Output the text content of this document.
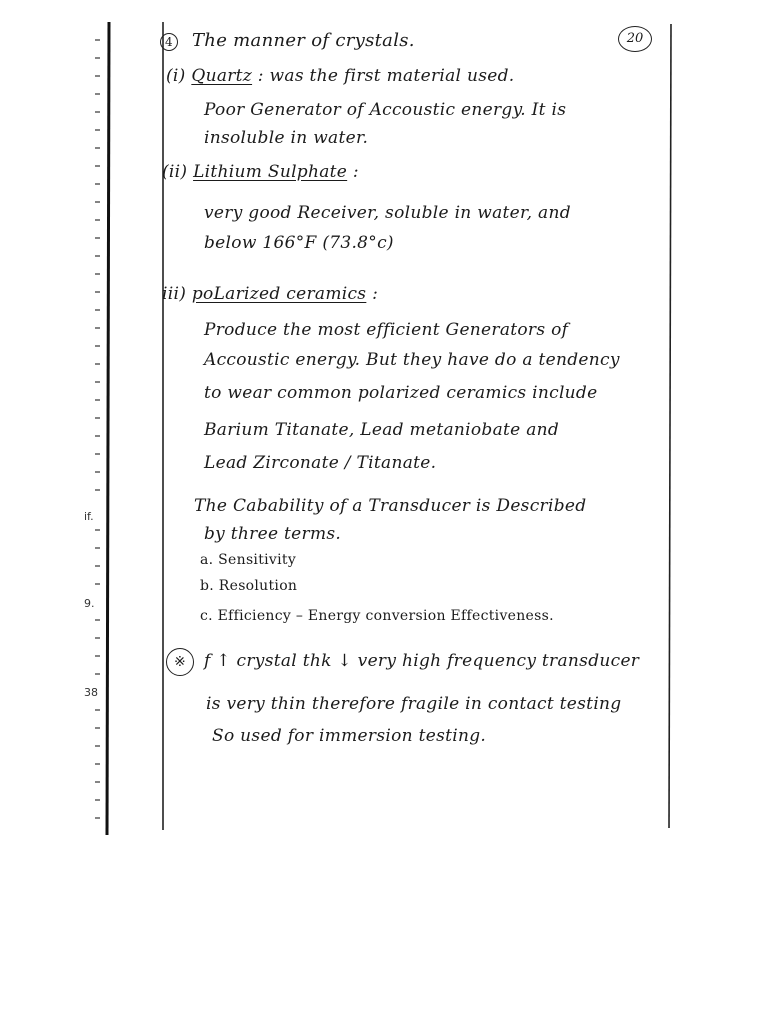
if.
9.
38
20
4 The manner of crystals.
(i) Quartz : was the first material used.
Poor Generator of Accoustic energy. It is
insoluble in water.
(ii) Lithium Sulphate :
very good Receiver, soluble in water, and
below 166°F (73.8°c)
iii) poLarized ceramics :
Produce the most efficient Generators of
Accoustic energy. But they have do a tendency
to wear common polarized ceramics include
Barium Titanate, Lead metaniobate and
Lead Zirconate / Titanate.
The Cabability of a Transducer is Described
by three terms.
a. Sensitivity
b. Resolution
c. Efficiency – Energy conversion Effectiveness.
※ f ↑ crystal thk ↓ very high frequency transducer
is very thin therefore fragile in contact testing
So used for immersion testing.
